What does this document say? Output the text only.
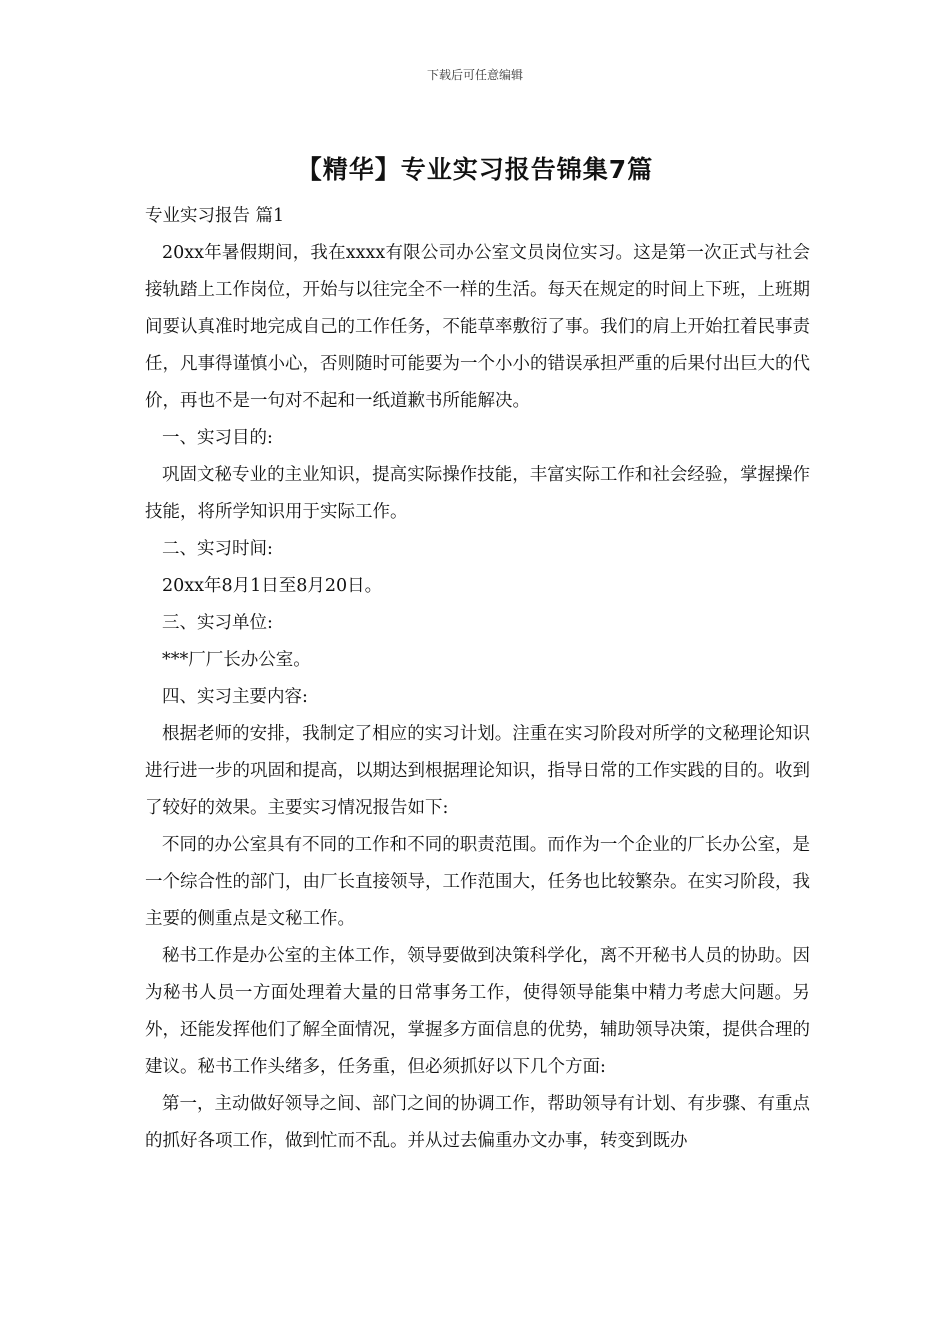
下载后可任意编辑
【精华】专业实习报告锦集7篇

专业实习报告 篇1

20xx年暑假期间，我在xxxx有限公司办公室文员岗位实习。这是第一次正式与社会接轨踏上工作岗位，开始与以往完全不一样的生活。每天在规定的时间上下班，上班期间要认真准时地完成自己的工作任务，不能草率敷衍了事。我们的肩上开始扛着民事责任，凡事得谨慎小心，否则随时可能要为一个小小的错误承担严重的后果付出巨大的代价，再也不是一句对不起和一纸道歉书所能解决。

一、实习目的:

巩固文秘专业的主业知识，提高实际操作技能，丰富实际工作和社会经验，掌握操作技能，将所学知识用于实际工作。

二、实习时间:

20xx年8月1日至8月20日。

三、实习单位:

***厂厂长办公室。

四、实习主要内容:

根据老师的安排，我制定了相应的实习计划。注重在实习阶段对所学的文秘理论知识进行进一步的巩固和提高，以期达到根据理论知识，指导日常的工作实践的目的。收到了较好的效果。主要实习情况报告如下:

不同的办公室具有不同的工作和不同的职责范围。而作为一个企业的厂长办公室，是一个综合性的部门，由厂长直接领导，工作范围大，任务也比较繁杂。在实习阶段，我主要的侧重点是文秘工作。

秘书工作是办公室的主体工作，领导要做到决策科学化，离不开秘书人员的协助。因为秘书人员一方面处理着大量的日常事务工作，使得领导能集中精力考虑大问题。另外，还能发挥他们了解全面情况，掌握多方面信息的优势，辅助领导决策，提供合理的建议。秘书工作头绪多，任务重，但必须抓好以下几个方面:

第一，主动做好领导之间、部门之间的协调工作，帮助领导有计划、有步骤、有重点的抓好各项工作，做到忙而不乱。并从过去偏重办文办事，转变到既办
